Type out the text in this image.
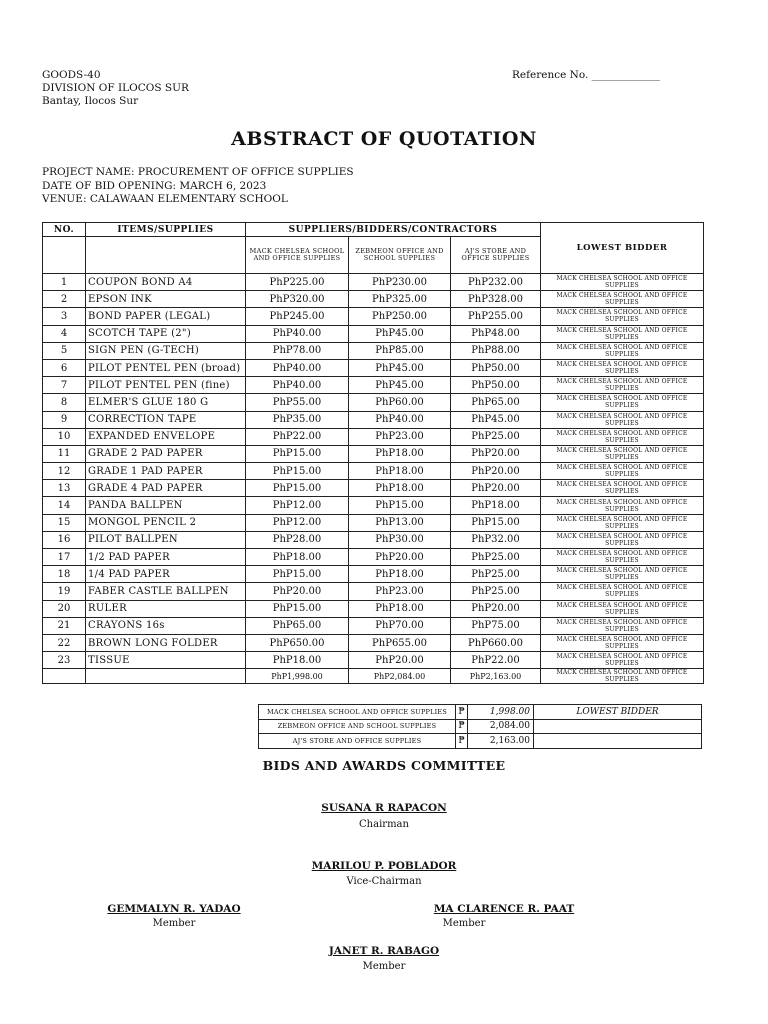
GOODS-40
DIVISION OF ILOCOS SUR
Bantay, Ilocos Sur
Reference No. _____________
ABSTRACT OF QUOTATION
PROJECT NAME: PROCUREMENT OF OFFICE SUPPLIES
DATE OF BID OPENING: MARCH 6, 2023
VENUE: CALAWAAN ELEMENTARY SCHOOL
NO.	ITEMS/SUPPLIES	SUPPLIERS/BIDDERS/CONTRACTORS			LOWEST BIDDER
		MACK CHELSEA SCHOOL AND OFFICE SUPPLIES	ZEBMEON OFFICE AND SCHOOL SUPPLIES	AJ'S STORE AND OFFICE SUPPLIES	
1	COUPON BOND A4	PhP225.00	PhP230.00	PhP232.00	MACK CHELSEA SCHOOL AND OFFICE SUPPLIES
2	EPSON INK	PhP320.00	PhP325.00	PhP328.00	MACK CHELSEA SCHOOL AND OFFICE SUPPLIES
3	BOND PAPER (LEGAL)	PhP245.00	PhP250.00	PhP255.00	MACK CHELSEA SCHOOL AND OFFICE SUPPLIES
4	SCOTCH TAPE (2")	PhP40.00	PhP45.00	PhP48.00	MACK CHELSEA SCHOOL AND OFFICE SUPPLIES
5	SIGN PEN (G-TECH)	PhP78.00	PhP85.00	PhP88.00	MACK CHELSEA SCHOOL AND OFFICE SUPPLIES
6	PILOT PENTEL PEN (broad)	PhP40.00	PhP45.00	PhP50.00	MACK CHELSEA SCHOOL AND OFFICE SUPPLIES
7	PILOT PENTEL PEN (fine)	PhP40.00	PhP45.00	PhP50.00	MACK CHELSEA SCHOOL AND OFFICE SUPPLIES
8	ELMER'S GLUE 180 G	PhP55.00	PhP60.00	PhP65.00	MACK CHELSEA SCHOOL AND OFFICE SUPPLIES
9	CORRECTION TAPE	PhP35.00	PhP40.00	PhP45.00	MACK CHELSEA SCHOOL AND OFFICE SUPPLIES
10	EXPANDED ENVELOPE	PhP22.00	PhP23.00	PhP25.00	MACK CHELSEA SCHOOL AND OFFICE SUPPLIES
11	GRADE 2 PAD PAPER	PhP15.00	PhP18.00	PhP20.00	MACK CHELSEA SCHOOL AND OFFICE SUPPLIES
12	GRADE 1 PAD PAPER	PhP15.00	PhP18.00	PhP20.00	MACK CHELSEA SCHOOL AND OFFICE SUPPLIES
13	GRADE 4 PAD PAPER	PhP15.00	PhP18.00	PhP20.00	MACK CHELSEA SCHOOL AND OFFICE SUPPLIES
14	PANDA BALLPEN	PhP12.00	PhP15.00	PhP18.00	MACK CHELSEA SCHOOL AND OFFICE SUPPLIES
15	MONGOL PENCIL 2	PhP12.00	PhP13.00	PhP15.00	MACK CHELSEA SCHOOL AND OFFICE SUPPLIES
16	PILOT BALLPEN	PhP28.00	PhP30.00	PhP32.00	MACK CHELSEA SCHOOL AND OFFICE SUPPLIES
17	1/2 PAD PAPER	PhP18.00	PhP20.00	PhP25.00	MACK CHELSEA SCHOOL AND OFFICE SUPPLIES
18	1/4 PAD PAPER	PhP15.00	PhP18.00	PhP25.00	MACK CHELSEA SCHOOL AND OFFICE SUPPLIES
19	FABER CASTLE BALLPEN	PhP20.00	PhP23.00	PhP25.00	MACK CHELSEA SCHOOL AND OFFICE SUPPLIES
20	RULER	PhP15.00	PhP18.00	PhP20.00	MACK CHELSEA SCHOOL AND OFFICE SUPPLIES
21	CRAYONS 16s	PhP65.00	PhP70.00	PhP75.00	MACK CHELSEA SCHOOL AND OFFICE SUPPLIES
22	BROWN LONG FOLDER	PhP650.00	PhP655.00	PhP660.00	MACK CHELSEA SCHOOL AND OFFICE SUPPLIES
23	TISSUE	PhP18.00	PhP20.00	PhP22.00	MACK CHELSEA SCHOOL AND OFFICE SUPPLIES
		PhP1,998.00	PhP2,084.00	PhP2,163.00	MACK CHELSEA SCHOOL AND OFFICE SUPPLIES
MACK CHELSEA SCHOOL AND OFFICE SUPPLIES	₱	1,998.00	LOWEST BIDDER
ZEBMEON OFFICE AND SCHOOL SUPPLIES	₱	2,084.00	
AJ'S STORE AND OFFICE SUPPLIES	₱	2,163.00	
BIDS AND AWARDS COMMITTEE
SUSANA R RAPACON
Chairman
MARILOU P. POBLADOR
Vice-Chairman
GEMMALYN R. YADAO
Member
MA CLARENCE R. PAAT
Member
JANET R. RABAGO
Member
